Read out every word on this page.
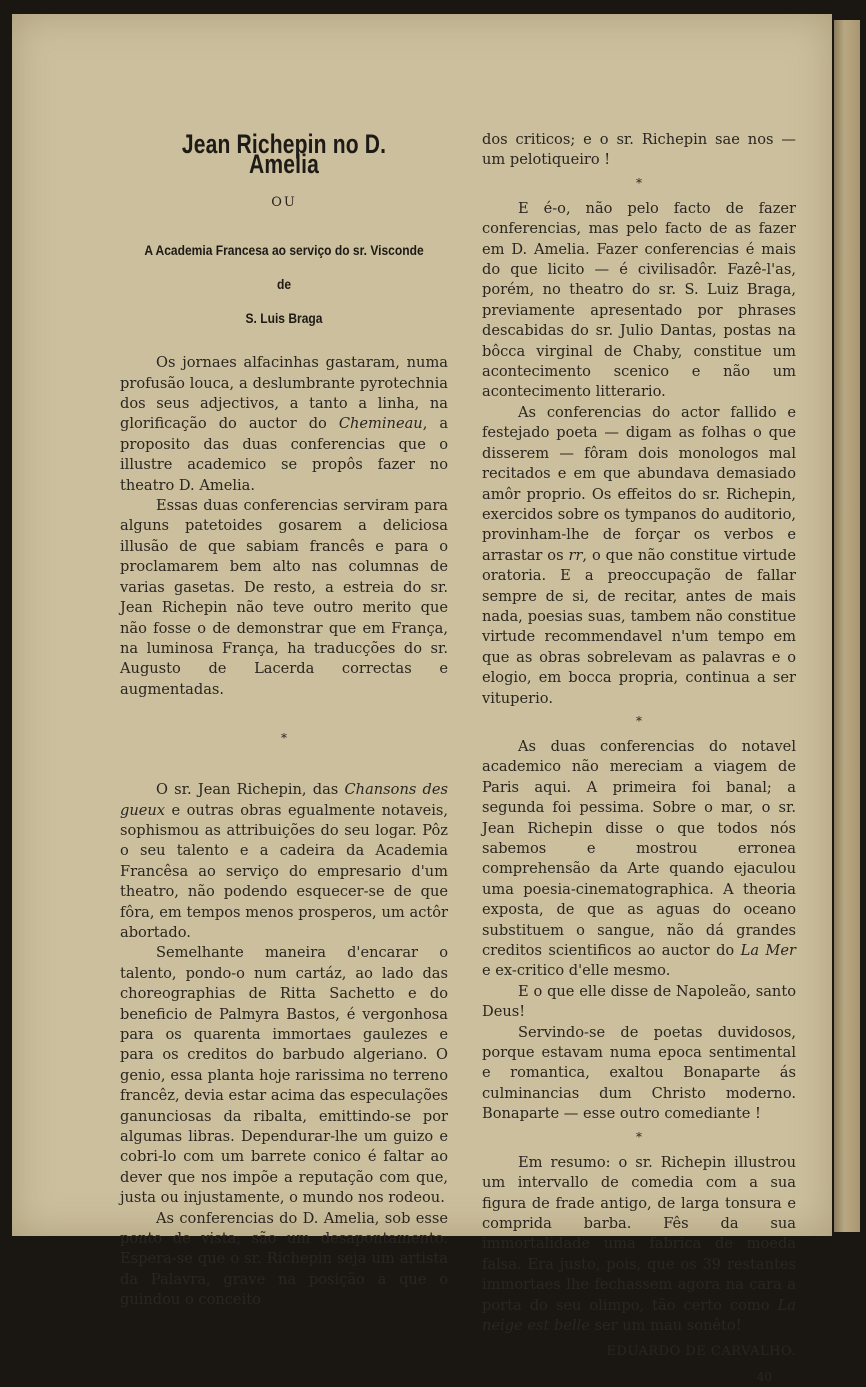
Jean Richepin no D. Amelia
OU
A Academia Francesa ao serviço do sr. Visconde de
S. Luis Braga

Os jornaes alfacinhas gastaram, numa profusão louca, a deslumbrante pyrotechnia dos seus adjectivos, a tanto a linha, na glorificação do auctor do Chemineau, a proposito das duas conferencias que o illustre academico se propôs fazer no theatro D. Amelia.

Essas duas conferencias serviram para alguns patetoides gosarem a deliciosa illusão de que sabiam francês e para o proclamarem bem alto nas columnas de varias gasetas. De resto, a estreia do sr. Jean Richepin não teve outro merito que não fosse o de demonstrar que em França, na luminosa França, ha traducções do sr. Augusto de Lacerda correctas e augmentadas.

*

O sr. Jean Richepin, das Chansons des gueux e outras obras egualmente notaveis, sophismou as attribuições do seu logar. Pôz o seu talento e a cadeira da Academia Francêsa ao serviço do empresario d'um theatro, não podendo esquecer-se de que fôra, em tempos menos prosperos, um actôr abortado.

Semelhante maneira d'encarar o talento, pondo-o num cartáz, ao lado das choreographias de Ritta Sachetto e do beneficio de Palmyra Bastos, é vergonhosa para os quarenta immortaes gaulezes e para os creditos do barbudo algeriano. O genio, essa planta hoje rarissima no terreno francêz, devia estar acima das especulações ganunciosas da ribalta, emittindo-se por algumas libras. Dependurar-lhe um guizo e cobri-lo com um barrete conico é faltar ao dever que nos impõe a reputação com que, justa ou injustamente, o mundo nos rodeou.

As conferencias do D. Amelia, sob esse ponto de vista, são um desapontamento. Espera-se que o sr. Richepin seja um artista da Palavra, grave na posição a que o guindou o conceito

dos criticos; e o sr. Richepin sae nos — um pelotiqueiro !

*

E é-o, não pelo facto de fazer conferencias, mas pelo facto de as fazer em D. Amelia. Fazer conferencias é mais do que licito — é civilisadôr. Fazê-l'as, porém, no theatro do sr. S. Luiz Braga, previamente apresentado por phrases descabidas do sr. Julio Dantas, postas na bôcca virginal de Chaby, constitue um acontecimento scenico e não um acontecimento litterario.

As conferencias do actor fallido e festejado poeta — digam as folhas o que disserem — fôram dois monologos mal recitados e em que abundava demasiado amôr proprio. Os effeitos do sr. Richepin, exercidos sobre os tympanos do auditorio, provinham-lhe de forçar os verbos e arrastar os rr, o que não constitue virtude oratoria. E a preoccupação de fallar sempre de si, de recitar, antes de mais nada, poesias suas, tambem não constitue virtude recommendavel n'um tempo em que as obras sobrelevam as palavras e o elogio, em bocca propria, continua a ser vituperio.

*

As duas conferencias do notavel academico não mereciam a viagem de Paris aqui. A primeira foi banal; a segunda foi pessima. Sobre o mar, o sr. Jean Richepin disse o que todos nós sabemos e mostrou erronea comprehensão da Arte quando ejaculou uma poesia-cinematographica. A theoria exposta, de que as aguas do oceano substituem o sangue, não dá grandes creditos scientificos ao auctor do La Mer e ex-critico d'elle mesmo.

E o que elle disse de Napoleão, santo Deus!

Servindo-se de poetas duvidosos, porque estavam numa epoca sentimental e romantica, exaltou Bonaparte ás culminancias dum Christo moderno. Bonaparte — esse outro comediante !

*

Em resumo: o sr. Richepin illustrou um intervallo de comedia com a sua figura de frade antigo, de larga tonsura e comprida barba. Fês da sua immortalidade uma fabrica de moeda falsa. Era justo, pois, que os 39 restantes immortaes lhe fechassem agora na cara a porta do seu olimpo, tão certo como La neige est belle ser um mau sonêto!

EDUARDO DE CARVALHO.
40
